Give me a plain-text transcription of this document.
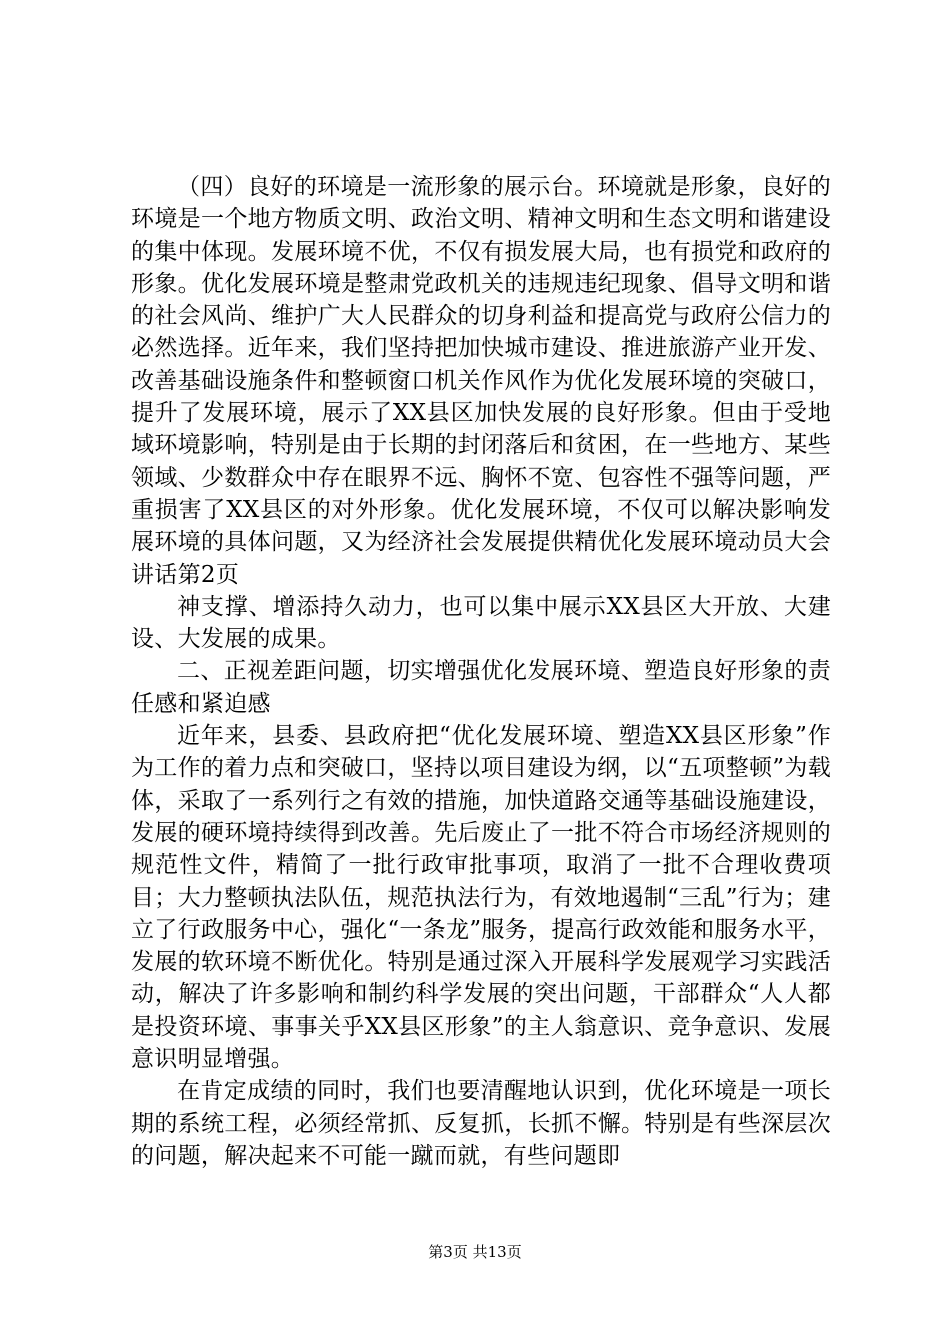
（四）良好的环境是一流形象的展示台。环境就是形象，良好的环境是一个地方物质文明、政治文明、精神文明和生态文明和谐建设的集中体现。发展环境不优，不仅有损发展大局，也有损党和政府的形象。优化发展环境是整肃党政机关的违规违纪现象、倡导文明和谐的社会风尚、维护广大人民群众的切身利益和提高党与政府公信力的必然选择。近年来，我们坚持把加快城市建设、推进旅游产业开发、改善基础设施条件和整顿窗口机关作风作为优化发展环境的突破口，提升了发展环境，展示了XX县区加快发展的良好形象。但由于受地域环境影响，特别是由于长期的封闭落后和贫困，在一些地方、某些领域、少数群众中存在眼界不远、胸怀不宽、包容性不强等问题，严重损害了XX县区的对外形象。优化发展环境，不仅可以解决影响发展环境的具体问题，又为经济社会发展提供精优化发展环境动员大会讲话第2页

神支撑、增添持久动力，也可以集中展示XX县区大开放、大建设、大发展的成果。

二、正视差距问题，切实增强优化发展环境、塑造良好形象的责任感和紧迫感

近年来，县委、县政府把“优化发展环境、塑造XX县区形象”作为工作的着力点和突破口，坚持以项目建设为纲，以“五项整顿”为载体，采取了一系列行之有效的措施，加快道路交通等基础设施建设，发展的硬环境持续得到改善。先后废止了一批不符合市场经济规则的规范性文件，精简了一批行政审批事项，取消了一批不合理收费项目；大力整顿执法队伍，规范执法行为，有效地遏制“三乱”行为；建立了行政服务中心，强化“一条龙”服务，提高行政效能和服务水平，发展的软环境不断优化。特别是通过深入开展科学发展观学习实践活动，解决了许多影响和制约科学发展的突出问题，干部群众“人人都是投资环境、事事关乎XX县区形象”的主人翁意识、竞争意识、发展意识明显增强。

在肯定成绩的同时，我们也要清醒地认识到，优化环境是一项长期的系统工程，必须经常抓、反复抓，长抓不懈。特别是有些深层次的问题，解决起来不可能一蹴而就，有些问题即

第3页 共13页
